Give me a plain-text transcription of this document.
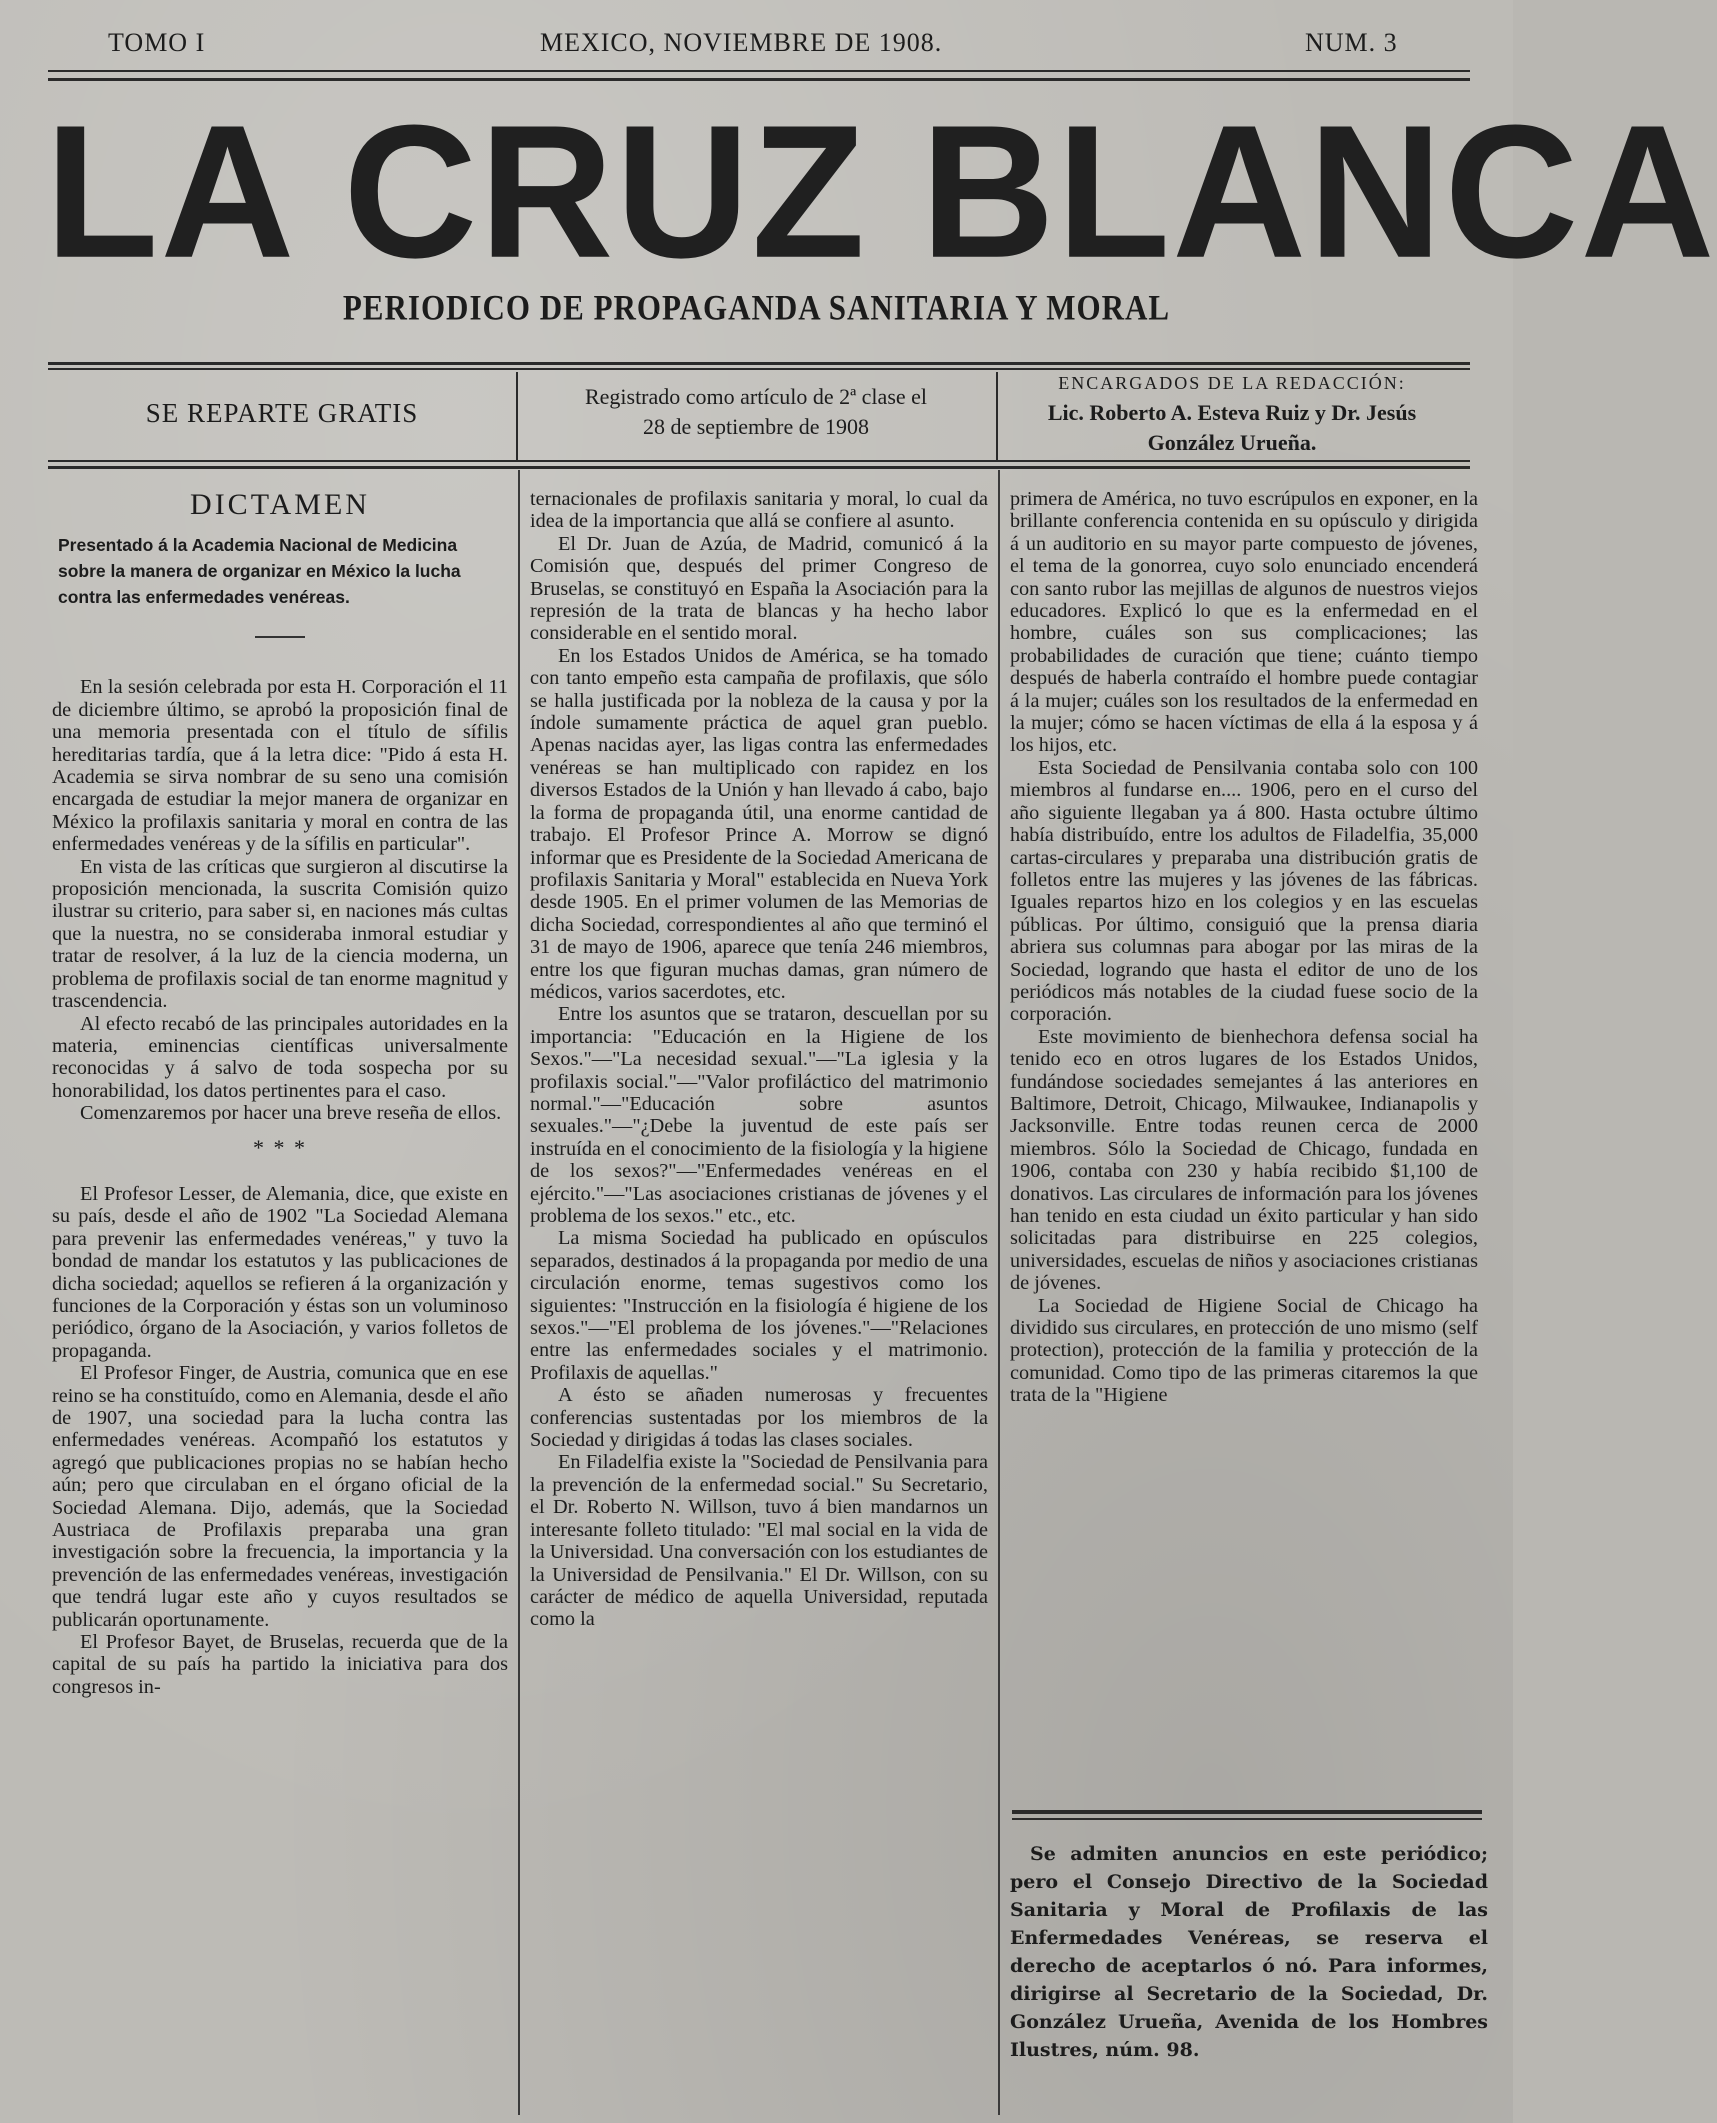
TOMO I	MEXICO, NOVIEMBRE DE 1908.	NUM. 3
LA CRUZ BLANCA
PERIODICO DE PROPAGANDA SANITARIA Y MORAL
SE REPARTE GRATIS
Registrado como artículo de 2ª clase el
28 de septiembre de 1908
ENCARGADOS DE LA REDACCIÓN:
Lic. Roberto A. Esteva Ruiz y Dr. Jesús
González Urueña.
DICTAMEN
Presentado á la Academia Nacional de Medicina sobre la manera de organizar en México la lucha contra las enfermedades venéreas.

En la sesión celebrada por esta H. Corporación el 11 de diciembre último, se aprobó la proposición final de una memoria presentada con el título de sífilis hereditarias tardía, que á la letra dice: "Pido á esta H. Academia se sirva nombrar de su seno una comisión encargada de estudiar la mejor manera de organizar en México la profilaxis sanitaria y moral en contra de las enfermedades venéreas y de la sífilis en particular".

En vista de las críticas que surgieron al discutirse la proposición mencionada, la suscrita Comisión quizo ilustrar su criterio, para saber si, en naciones más cultas que la nuestra, no se consideraba inmoral estudiar y tratar de resolver, á la luz de la ciencia moderna, un problema de profilaxis social de tan enorme magnitud y trascendencia.

Al efecto recabó de las principales autoridades en la materia, eminencias científicas universalmente reconocidas y á salvo de toda sospecha por su honorabilidad, los datos pertinentes para el caso.

Comenzaremos por hacer una breve reseña de ellos.

* * *

El Profesor Lesser, de Alemania, dice, que existe en su país, desde el año de 1902 "La Sociedad Alemana para prevenir las enfermedades venéreas," y tuvo la bondad de mandar los estatutos y las publicaciones de dicha sociedad; aquellos se refieren á la organización y funciones de la Corporación y éstas son un voluminoso periódico, órgano de la Asociación, y varios folletos de propaganda.

El Profesor Finger, de Austria, comunica que en ese reino se ha constituído, como en Alemania, desde el año de 1907, una sociedad para la lucha contra las enfermedades venéreas. Acompañó los estatutos y agregó que publicaciones propias no se habían hecho aún; pero que circulaban en el órgano oficial de la Sociedad Alemana. Dijo, además, que la Sociedad Austriaca de Profilaxis preparaba una gran investigación sobre la frecuencia, la importancia y la prevención de las enfermedades venéreas, investigación que tendrá lugar este año y cuyos resultados se publicarán oportunamente.

El Profesor Bayet, de Bruselas, recuerda que de la capital de su país ha partido la iniciativa para dos congresos in-

ternacionales de profilaxis sanitaria y moral, lo cual da idea de la importancia que allá se confiere al asunto.

El Dr. Juan de Azúa, de Madrid, comunicó á la Comisión que, después del primer Congreso de Bruselas, se constituyó en España la Asociación para la represión de la trata de blancas y ha hecho labor considerable en el sentido moral.

En los Estados Unidos de América, se ha tomado con tanto empeño esta campaña de profilaxis, que sólo se halla justificada por la nobleza de la causa y por la índole sumamente práctica de aquel gran pueblo. Apenas nacidas ayer, las ligas contra las enfermedades venéreas se han multiplicado con rapidez en los diversos Estados de la Unión y han llevado á cabo, bajo la forma de propaganda útil, una enorme cantidad de trabajo. El Profesor Prince A. Morrow se dignó informar que es Presidente de la Sociedad Americana de profilaxis Sanitaria y Moral" establecida en Nueva York desde 1905. En el primer volumen de las Memorias de dicha Sociedad, correspondientes al año que terminó el 31 de mayo de 1906, aparece que tenía 246 miembros, entre los que figuran muchas damas, gran número de médicos, varios sacerdotes, etc.

Entre los asuntos que se trataron, descuellan por su importancia: "Educación en la Higiene de los Sexos."—"La necesidad sexual."—"La iglesia y la profilaxis social."—"Valor profiláctico del matrimonio normal."—"Educación sobre asuntos sexuales."—"¿Debe la juventud de este país ser instruída en el conocimiento de la fisiología y la higiene de los sexos?"—"Enfermedades venéreas en el ejército."—"Las asociaciones cristianas de jóvenes y el problema de los sexos." etc., etc.

La misma Sociedad ha publicado en opúsculos separados, destinados á la propaganda por medio de una circulación enorme, temas sugestivos como los siguientes: "Instrucción en la fisiología é higiene de los sexos."—"El problema de los jóvenes."—"Relaciones entre las enfermedades sociales y el matrimonio. Profilaxis de aquellas."

A ésto se añaden numerosas y frecuentes conferencias sustentadas por los miembros de la Sociedad y dirigidas á todas las clases sociales.

En Filadelfia existe la "Sociedad de Pensilvania para la prevención de la enfermedad social." Su Secretario, el Dr. Roberto N. Willson, tuvo á bien mandarnos un interesante folleto titulado: "El mal social en la vida de la Universidad. Una conversación con los estudiantes de la Universidad de Pensilvania." El Dr. Willson, con su carácter de médico de aquella Universidad, reputada como la

primera de América, no tuvo escrúpulos en exponer, en la brillante conferencia contenida en su opúsculo y dirigida á un auditorio en su mayor parte compuesto de jóvenes, el tema de la gonorrea, cuyo solo enunciado encenderá con santo rubor las mejillas de algunos de nuestros viejos educadores. Explicó lo que es la enfermedad en el hombre, cuáles son sus complicaciones; las probabilidades de curación que tiene; cuánto tiempo después de haberla contraído el hombre puede contagiar á la mujer; cuáles son los resultados de la enfermedad en la mujer; cómo se hacen víctimas de ella á la esposa y á los hijos, etc.

Esta Sociedad de Pensilvania contaba solo con 100 miembros al fundarse en.... 1906, pero en el curso del año siguiente llegaban ya á 800. Hasta octubre último había distribuído, entre los adultos de Filadelfia, 35,000 cartas-circulares y preparaba una distribución gratis de folletos entre las mujeres y las jóvenes de las fábricas. Iguales repartos hizo en los colegios y en las escuelas públicas. Por último, consiguió que la prensa diaria abriera sus columnas para abogar por las miras de la Sociedad, logrando que hasta el editor de uno de los periódicos más notables de la ciudad fuese socio de la corporación.

Este movimiento de bienhechora defensa social ha tenido eco en otros lugares de los Estados Unidos, fundándose sociedades semejantes á las anteriores en Baltimore, Detroit, Chicago, Milwaukee, Indianapolis y Jacksonville. Entre todas reunen cerca de 2000 miembros. Sólo la Sociedad de Chicago, fundada en 1906, contaba con 230 y había recibido $1,100 de donativos. Las circulares de información para los jóvenes han tenido en esta ciudad un éxito particular y han sido solicitadas para distribuirse en 225 colegios, universidades, escuelas de niños y asociaciones cristianas de jóvenes.

La Sociedad de Higiene Social de Chicago ha dividido sus circulares, en protección de uno mismo (self protection), protección de la familia y protección de la comunidad. Como tipo de las primeras citaremos la que trata de la "Higiene

Se admiten anuncios en este periódico; pero el Consejo Directivo de la Sociedad Sanitaria y Moral de Profilaxis de las Enfermedades Venéreas, se reserva el derecho de aceptarlos ó nó. Para informes, dirigirse al Secretario de la Sociedad, Dr. González Urueña, Avenida de los Hombres Ilustres, núm. 98.
